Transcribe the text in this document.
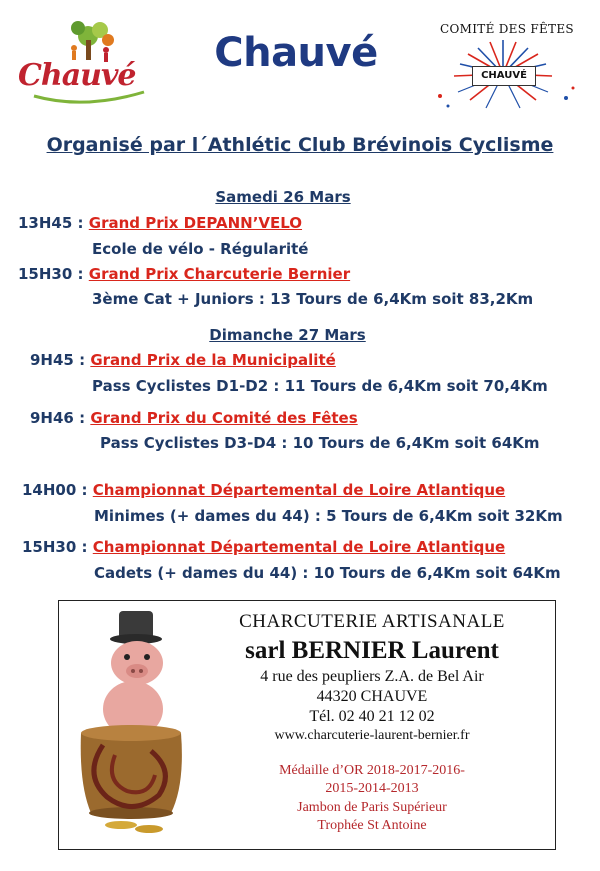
Chauvé	Chauvé
COMITÉ DES FÊTES
CHAUVÉ
Organisé par l´Athlétic Club Brévinois Cyclisme
Samedi 26 Mars
13H45 : Grand Prix DEPANN’VELO
Ecole de vélo - Régularité
15H30 : Grand Prix Charcuterie Bernier
3ème Cat + Juniors : 13 Tours de 6,4Km soit 83,2Km
Dimanche 27 Mars
9H45 : Grand Prix de la Municipalité
Pass Cyclistes D1-D2 : 11 Tours de 6,4Km soit 70,4Km
9H46 : Grand Prix du Comité des Fêtes
Pass Cyclistes D3-D4 : 10 Tours de 6,4Km soit 64Km
14H00 : Championnat Départemental de Loire Atlantique
Minimes (+ dames du 44) : 5 Tours de 6,4Km soit 32Km
15H30 : Championnat Départemental de Loire Atlantique
Cadets (+ dames du 44) : 10 Tours de 6,4Km soit 64Km
CHARCUTERIE ARTISANALE
sarl BERNIER Laurent
4 rue des peupliers Z.A. de Bel Air
44320 CHAUVE
Tél. 02 40 21 12 02
www.charcuterie-laurent-bernier.fr
Médaille d’OR 2018-2017-2016-
2015-2014-2013
Jambon de Paris Supérieur
Trophée St Antoine
